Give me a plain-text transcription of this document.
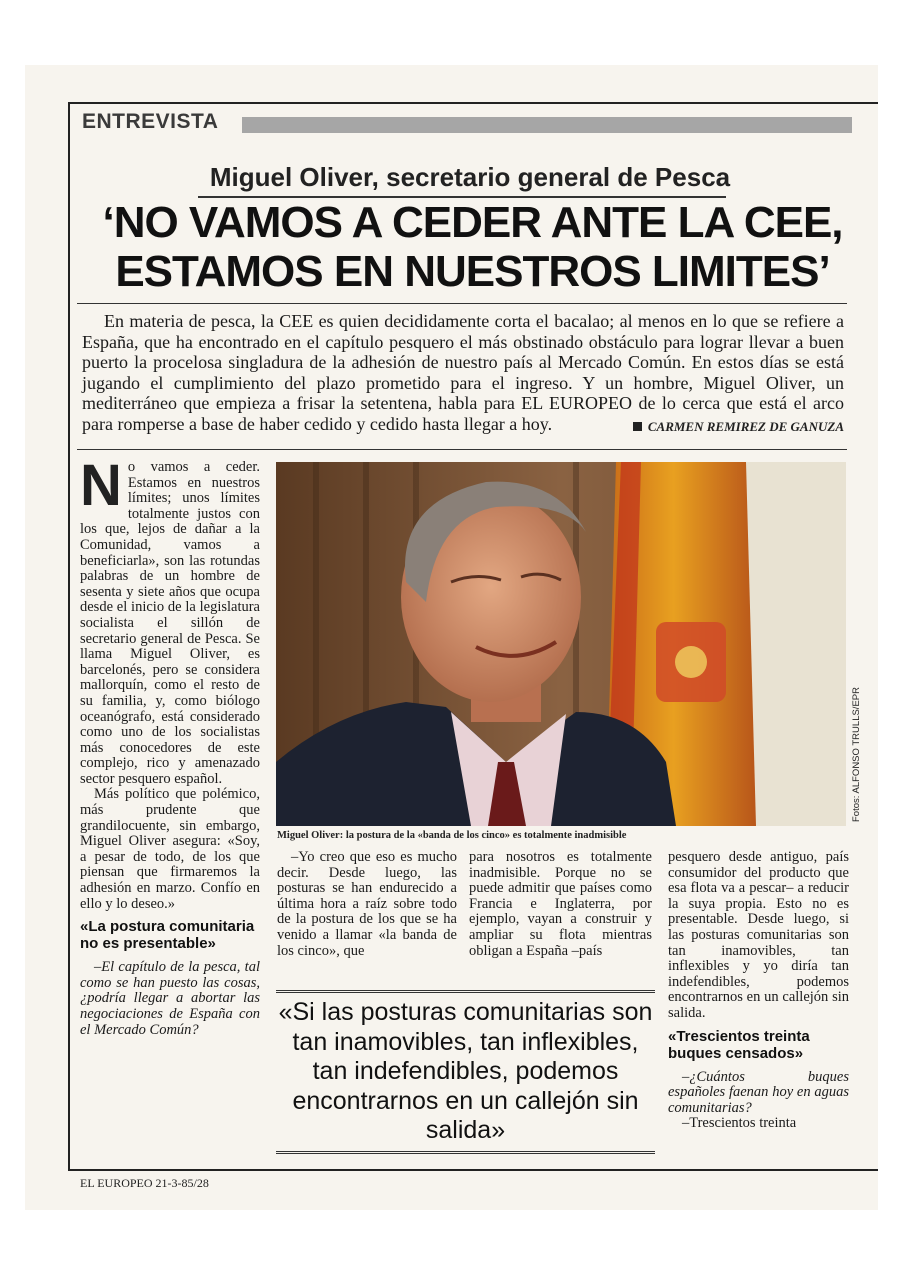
ENTREVISTA
Miguel Oliver, secretario general de Pesca
‘NO VAMOS A CEDER ANTE LA CEE,
ESTAMOS EN NUESTROS LIMITES’
En materia de pesca, la CEE es quien decididamente corta el bacalao; al menos en lo que se refiere a España, que ha encontrado en el capítulo pesquero el más obstinado obstáculo para lograr llevar a buen puerto la procelosa singladura de la adhesión de nuestro país al Mercado Común. En estos días se está jugando el cumplimiento del plazo prometido para el ingreso. Y un hombre, Miguel Oliver, un mediterráneo que empieza a frisar la setentena, habla para EL EUROPEO de lo cerca que está el arco para romperse a base de haber cedido y cedido hasta llegar a hoy.	CARMEN REMIREZ DE GANUZA

No vamos a ceder. Estamos en nuestros límites; unos límites totalmente justos con los que, lejos de dañar a la Comunidad, vamos a beneficiarla», son las rotundas palabras de un hombre de sesenta y siete años que ocupa desde el inicio de la legislatura socialista el sillón de secretario general de Pesca. Se llama Miguel Oliver, es barcelonés, pero se considera mallorquín, como el resto de su familia, y, como biólogo oceanógrafo, está considerado como uno de los socialistas más conocedores de este complejo, rico y amenazado sector pesquero español.

Más político que polémico, más prudente que grandilocuente, sin embargo, Miguel Oliver asegura: «Soy, a pesar de todo, de los que piensan que firmaremos la adhesión en marzo. Confío en ello y lo deseo.»

«La postura comunitaria no es presentable»

–El capítulo de la pesca, tal como se han puesto las cosas, ¿podría llegar a abortar las negociaciones de España con el Mercado Común?

Miguel Oliver: la postura de la «banda de los cinco» es totalmente inadmisible
Fotos: ALFONSO TRULLS/EPR

–Yo creo que eso es mucho decir. Desde luego, las posturas se han endurecido a última hora a raíz sobre todo de la postura de los que se ha venido a llamar «la banda de los cinco», que

para nosotros es totalmente inadmisible. Porque no se puede admitir que países como Francia e Inglaterra, por ejemplo, vayan a construir y ampliar su flota mientras obligan a España –país

pesquero desde antiguo, país consumidor del producto que esa flota va a pescar– a reducir la suya propia. Esto no es presentable. Desde luego, si las posturas comunitarias son tan inamovibles, tan inflexibles y yo diría tan indefendibles, podemos encontrarnos en un callejón sin salida.

«Trescientos treinta buques censados»

–¿Cuántos buques españoles faenan hoy en aguas comunitarias?

–Trescientos treinta

«Si las posturas comunitarias son tan inamovibles, tan inflexibles, tan indefendibles, podemos encontrarnos en un callejón sin salida»
EL EUROPEO 21-3-85/28
